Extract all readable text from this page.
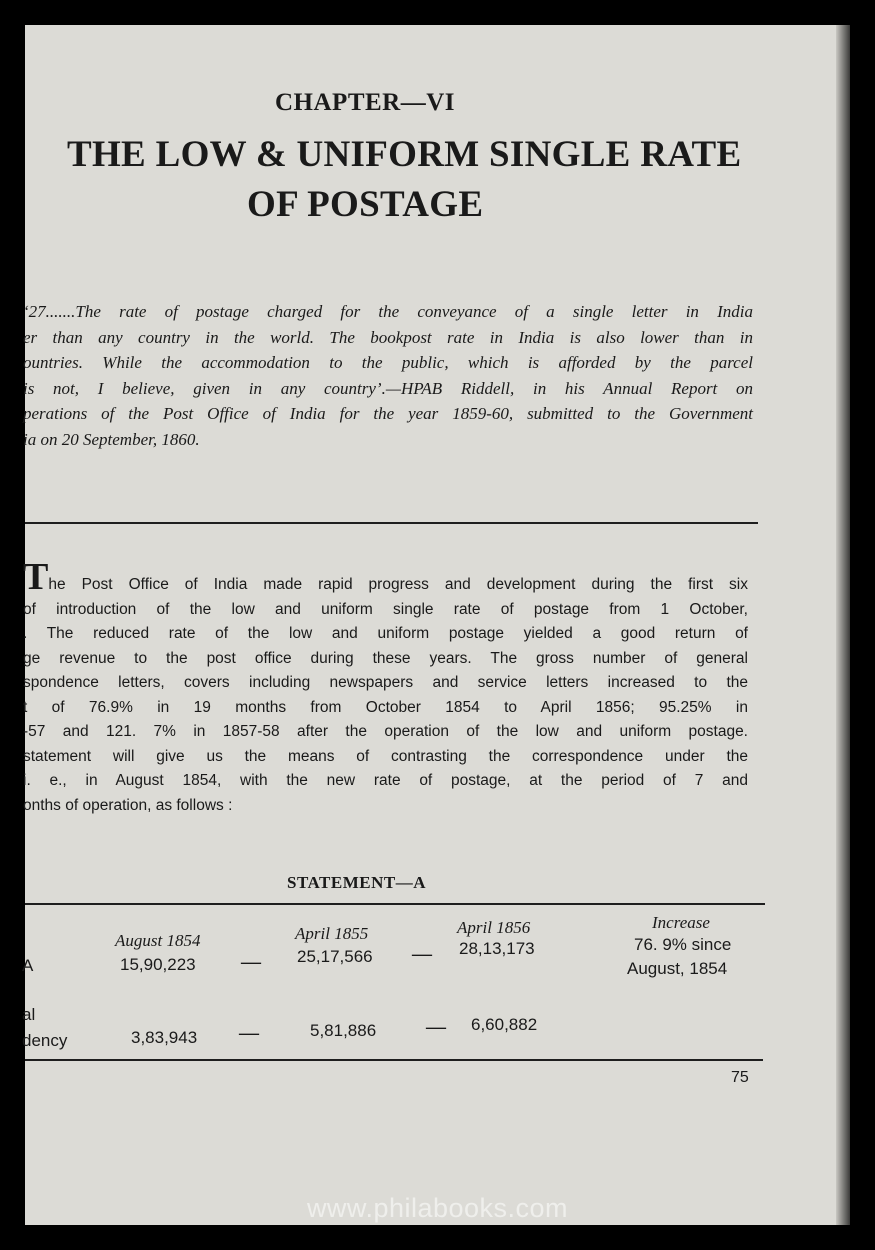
CHAPTER—VI
THE LOW & UNIFORM SINGLE RATE
OF POSTAGE
‘27.......The rate of postage charged for the conveyance of a single letter in India
er than any country in the world. The bookpost rate in India is also lower than in
ountries. While the accommodation to the public, which is afforded by the parcel
is not, I believe, given in any country’.—HPAB Riddell, in his Annual Report on
perations of the Post Office of India for the year 1859-60, submitted to the Government
ia on 20 September, 1860.
The Post Office of India made rapid progress and development during the first six
of introduction of the low and uniform single rate of postage from 1 October,
. The reduced rate of the low and uniform postage yielded a good return of
ge revenue to the post office during these years. The gross number of general
spondence letters, covers including newspapers and service letters increased to the
t of 76.9% in 19 months from October 1854 to April 1856; 95.25% in
-57 and 121. 7% in 1857-58 after the operation of the low and uniform postage.
statement will give us the means of contrasting the correspondence under the
i. e., in August 1854, with the new rate of postage, at the period of 7 and
onths of operation, as follows :
STATEMENT—A
August 1854	April 1855	April 1856	Increase
A	15,90,223 — 25,17,566 — 28,13,173	76. 9% since
August, 1854
al
dency	3,83,943 —	5,81,886 — 6,60,882
75
www.philabooks.com
